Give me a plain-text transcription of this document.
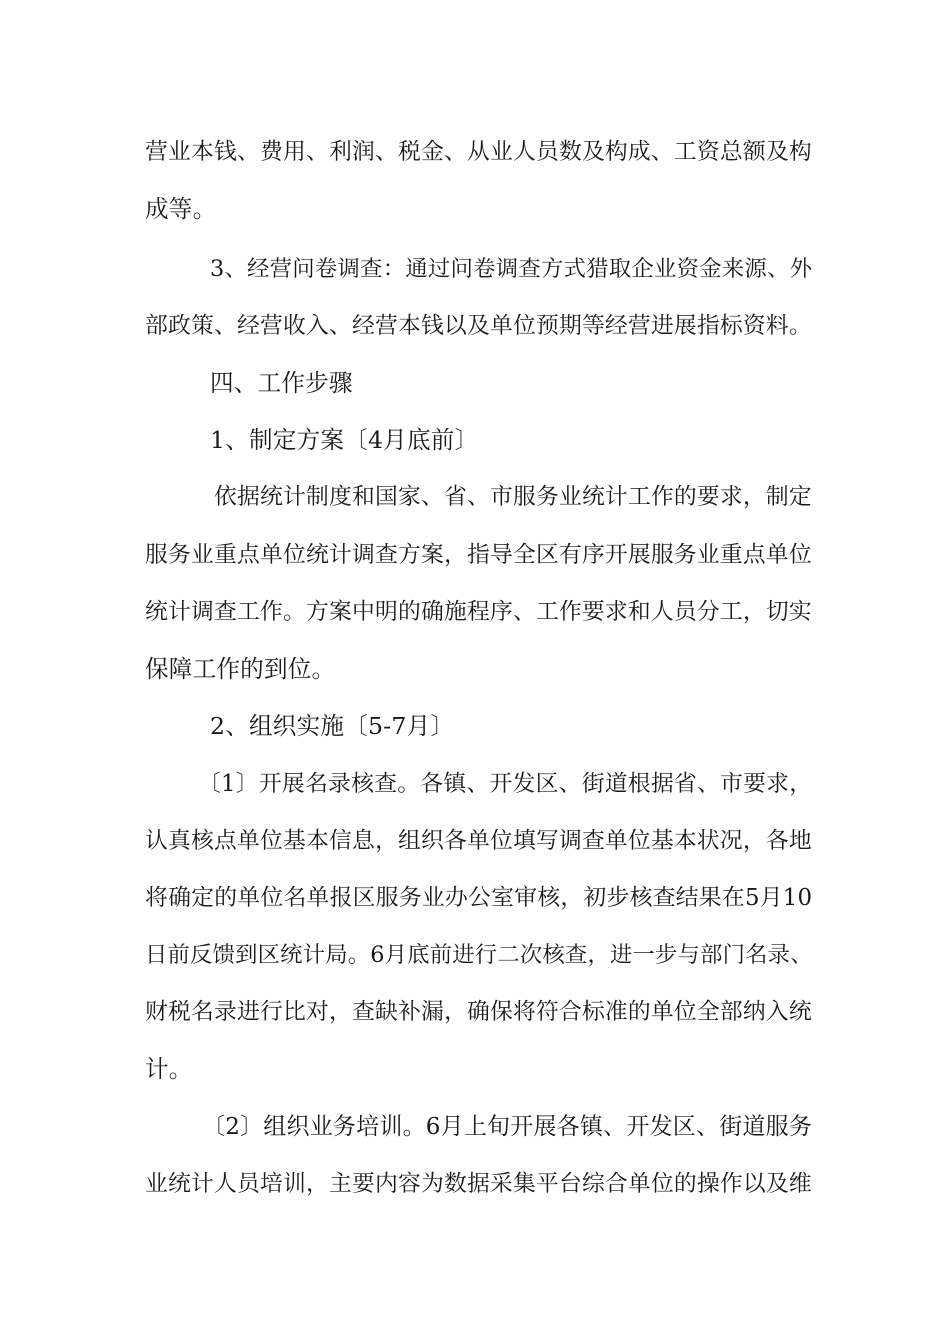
营业本钱、费用、利润、税金、从业人员数及构成、工资总额及构
成等。
3、经营问卷调查：通过问卷调查方式猎取企业资金来源、外
部政策、经营收入、经营本钱以及单位预期等经营进展指标资料。
四、工作步骤
1、制定方案〔4月底前〕
依据统计制度和国家、省、市服务业统计工作的要求，制定
服务业重点单位统计调查方案，指导全区有序开展服务业重点单位
统计调查工作。方案中明的确施程序、工作要求和人员分工，切实
保障工作的到位。
2、组织实施〔5-7月〕
〔1〕开展名录核查。各镇、开发区、街道根据省、市要求，
认真核点单位基本信息，组织各单位填写调查单位基本状况，各地
将确定的单位名单报区服务业办公室审核，初步核查结果在5月10
日前反馈到区统计局。6月底前进行二次核查，进一步与部门名录、
财税名录进行比对，查缺补漏，确保将符合标准的单位全部纳入统
计。
〔2〕组织业务培训。6月上旬开展各镇、开发区、街道服务
业统计人员培训，主要内容为数据采集平台综合单位的操作以及维
